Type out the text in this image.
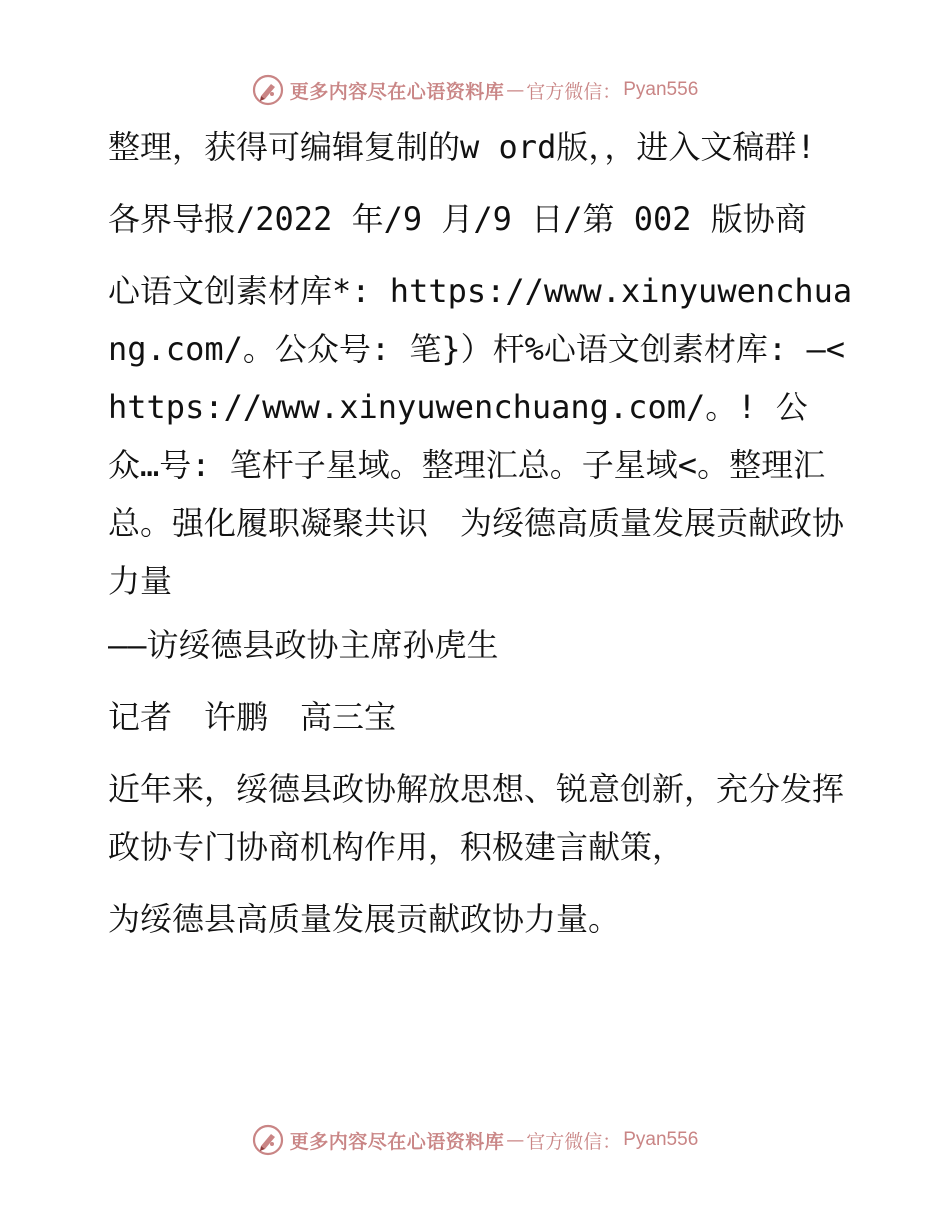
更多内容尽在心语资料库 — 官方微信： Pyan556

整理，获得可编辑复制的w ord版，，进入文稿群!

各界导报/2022 年/9 月/9 日/第 002 版协商

心语文创素材库*: https://www.xinyuwenchuang.com/。公众号: 笔}）杆%心语文创素材库: —<https://www.xinyuwenchuang.com/。! 公众…号: 笔杆子星域。整理汇总。子星域<。整理汇总。强化履职凝聚共识　为绥德高质量发展贡献政协力量

——访绥德县政协主席孙虎生

记者　许鹏　高三宝

近年来，绥德县政协解放思想、锐意创新，充分发挥政协专门协商机构作用，积极建言献策，

为绥德县高质量发展贡献政协力量。

更多内容尽在心语资料库 — 官方微信： Pyan556
